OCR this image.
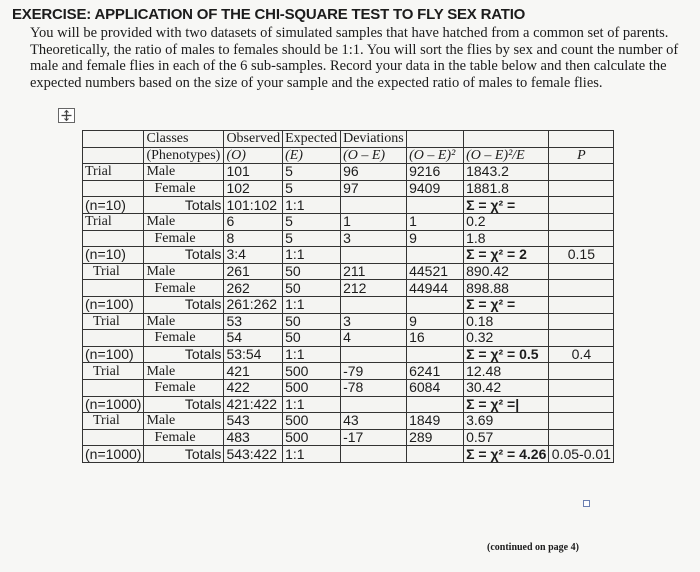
EXERCISE: APPLICATION OF THE CHI-SQUARE TEST TO FLY SEX RATIO

You will be provided with two datasets of simulated samples that have hatched from a common set of parents. Theoretically, the ratio of males to females should be 1:1. You will sort the flies by sex and count the number of male and female flies in each of the 6 sub-samples. Record your data in the table below and then calculate the expected numbers based on the size of your sample and the expected ratio of males to female flies.

	Classes	Observed	Expected	Deviations			
	(Phenotypes)	(O)	(E)	(O – E)	(O – E)²	(O – E)²/E	P
Trial	Male	101	5	96	9216	1843.2	
	Female	102	5	97	9409	1881.8	
(n=10)	Totals	101:102	1:1			Σ = χ² =	
Trial	Male	6	5	1	1	0.2	
	Female	8	5	3	9	1.8	
(n=10)	Totals	3:4	1:1			Σ = χ² = 2	0.15
Trial	Male	261	50	211	44521	890.42	
	Female	262	50	212	44944	898.88	
(n=100)	Totals	261:262	1:1			Σ = χ² =	
Trial	Male	53	50	3	9	0.18	
	Female	54	50	4	16	0.32	
(n=100)	Totals	53:54	1:1			Σ = χ² = 0.5	0.4
Trial	Male	421	500	-79	6241	12.48	
	Female	422	500	-78	6084	30.42	
(n=1000)	Totals	421:422	1:1			Σ = χ² =|	
Trial	Male	543	500	43	1849	3.69	
	Female	483	500	-17	289	0.57	
(n=1000)	Totals	543:422	1:1			Σ = χ² = 4.26	0.05-0.01
(continued on page 4)
